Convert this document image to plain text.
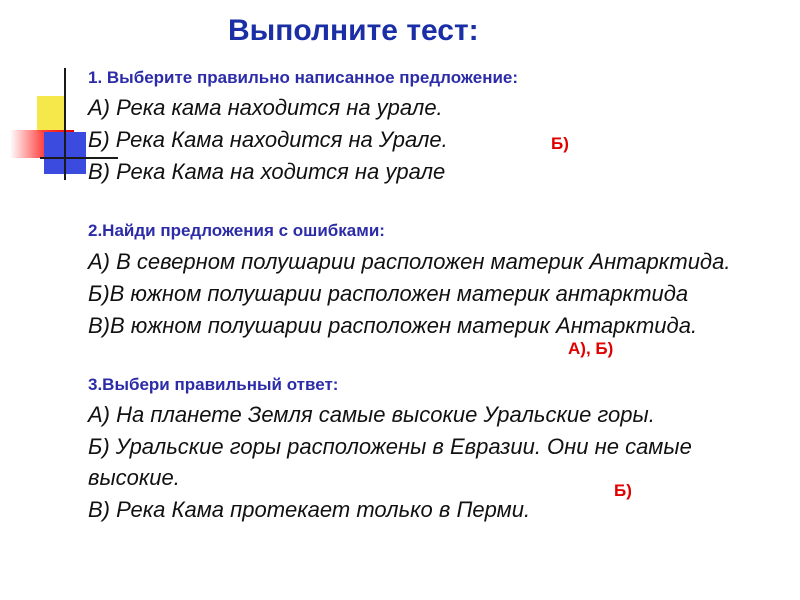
Выполните тест:
1. Выберите правильно написанное предложение:
А) Река кама находится на урале.
Б) Река Кама находится на Урале.
В) Река Кама на ходится на урале
Б)
2.Найди предложения с ошибками:
А) В северном полушарии расположен материк Антарктида.
Б)В южном полушарии расположен материк антарктида
В)В южном полушарии расположен материк Антарктида.
А), Б)
3.Выбери правильный ответ:
А) На планете Земля самые высокие Уральские горы.
Б) Уральские горы расположены в Евразии. Они не самые
высокие.
В) Река Кама протекает только в Перми.
Б)
